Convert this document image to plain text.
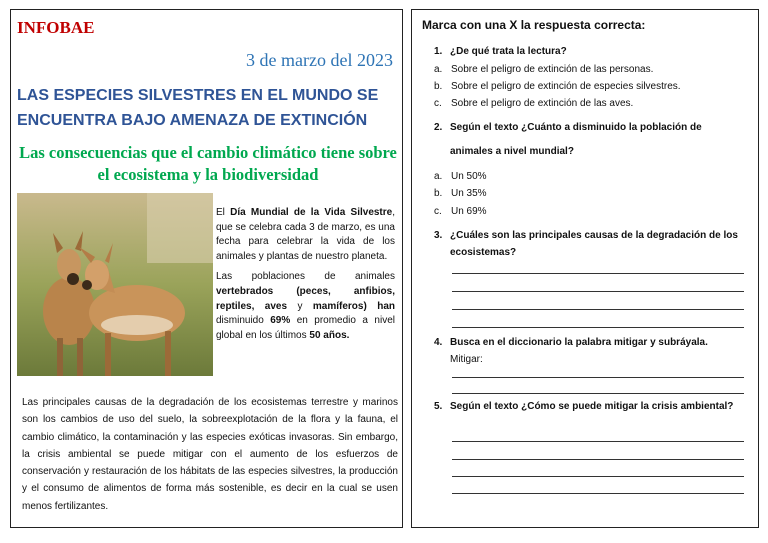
INFOBAE
3 de marzo del 2023
LAS ESPECIES SILVESTRES EN EL MUNDO SE ENCUENTRA BAJO AMENAZA DE EXTINCIÓN
Las consecuencias que el cambio climático tiene sobre el ecosistema y la biodiversidad

El Día Mundial de la Vida Silvestre, que se celebra cada 3 de marzo, es una fecha para celebrar la vida de los animales y plantas de nuestro planeta.

Las poblaciones de animales vertebrados (peces, anfibios, reptiles, aves y mamíferos) han disminuido 69% en promedio a nivel global en los últimos 50 años.

Las principales causas de la degradación de los ecosistemas terrestre y marinos son los cambios de uso del suelo, la sobreexplotación de la flora y la fauna, el cambio climático, la contaminación y las especies exóticas invasoras. Sin embargo, la crisis ambiental se puede mitigar con el aumento de los esfuerzos de conservación y restauración de los hábitats de las especies silvestres, la producción y el consumo de alimentos de forma más sostenible, es decir en la cual se usen menos fertilizantes.

Marca con una X la respuesta correcta:
1. ¿De qué trata la lectura?
a. Sobre el peligro de extinción de las personas.
b. Sobre el peligro de extinción de especies silvestres.
c. Sobre el peligro de extinción de las aves.
2. Según el texto ¿Cuánto a disminuido la población de
animales a nivel mundial?
a. Un 50%
b. Un 35%
c. Un 69%
3. ¿Cuáles son las principales causas de la degradación de los ecosistemas?
4. Busca en el diccionario la palabra mitigar y subráyala.
Mitigar:
5. Según el texto ¿Cómo se puede mitigar la crisis ambiental?
